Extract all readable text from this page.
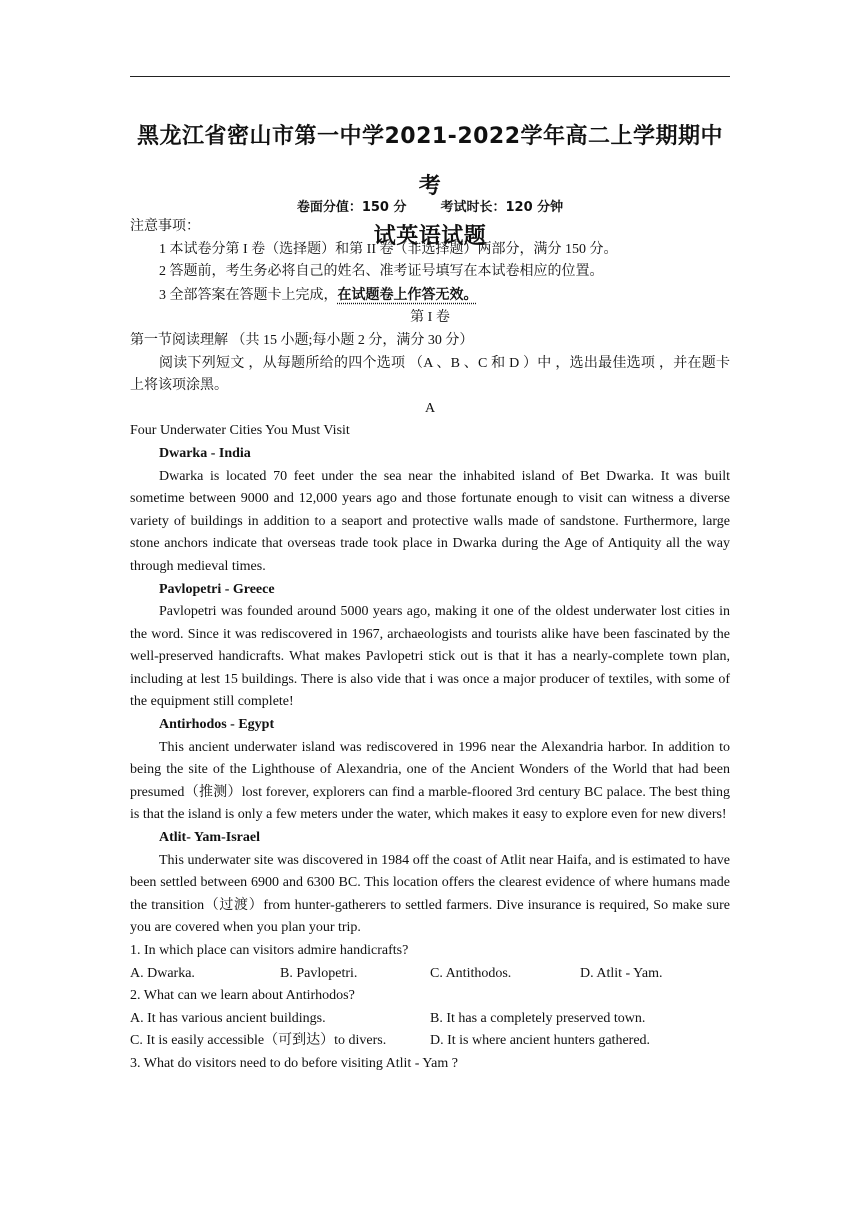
黑龙江省密山市第一中学2021-2022学年高二上学期期中考
试英语试题
卷面分值：150 分	考试时长：120 分钟

注意事项：

1 本试卷分第 I 卷（选择题）和第 II 卷（非选择题）两部分，满分 150 分。

2 答题前，考生务必将自己的姓名、准考证号填写在本试卷相应的位置。

3 全部答案在答题卡上完成，在试题卷上作答无效。

第 I 卷

第一节阅读理解 （共 15 小题;每小题 2 分，满分 30 分）

阅读下列短文 ，从每题所给的四个选项 （A 、B 、C 和 D ）中 ，选出最佳选项 ，并在题卡上将该项涂黑。

A

Four Underwater Cities You Must Visit

Dwarka - India

Dwarka is located 70 feet under the sea near the inhabited island of Bet Dwarka. It was built sometime between 9000 and 12,000 years ago and those fortunate enough to visit can witness a diverse variety of buildings in addition to a seaport and protective walls made of sandstone. Furthermore, large stone anchors indicate that overseas trade took place in Dwarka during the Age of Antiquity all the way through medieval times.

Pavlopetri - Greece

Pavlopetri was founded around 5000 years ago, making it one of the oldest underwater lost cities in the word. Since it was rediscovered in 1967, archaeologists and tourists alike have been fascinated by the well-preserved handicrafts. What makes Pavlopetri stick out is that it has a nearly-complete town plan, including at lest 15 buildings. There is also vide that i was once a major producer of textiles, with some of the equipment still complete!

Antirhodos - Egypt

This ancient underwater island was rediscovered in 1996 near the Alexandria harbor. In addition to being the site of the Lighthouse of Alexandria, one of the Ancient Wonders of the World that had been presumed（推测）lost forever, explorers can find a marble-floored 3rd century BC palace. The best thing is that the island is only a few meters under the water, which makes it easy to explore even for new divers!

Atlit- Yam-Israel

This underwater site was discovered in 1984 off the coast of Atlit near Haifa, and is estimated to have been settled between 6900 and 6300 BC. This location offers the clearest evidence of where humans made the transition（过渡）from hunter-gatherers to settled farmers. Dive insurance is required, So make sure you are covered when you plan your trip.

1. In which place can visitors admire handicrafts?

A. Dwarka.	B. Pavlopetri.	C. Antithodos.	D. Atlit - Yam.

2. What can we learn about Antirhodos?

A. It has various ancient buildings.	B. It has a completely preserved town.
C. It is easily accessible（可到达）to divers.	D. It is where ancient hunters gathered.

3. What do visitors need to do before visiting Atlit - Yam ?
